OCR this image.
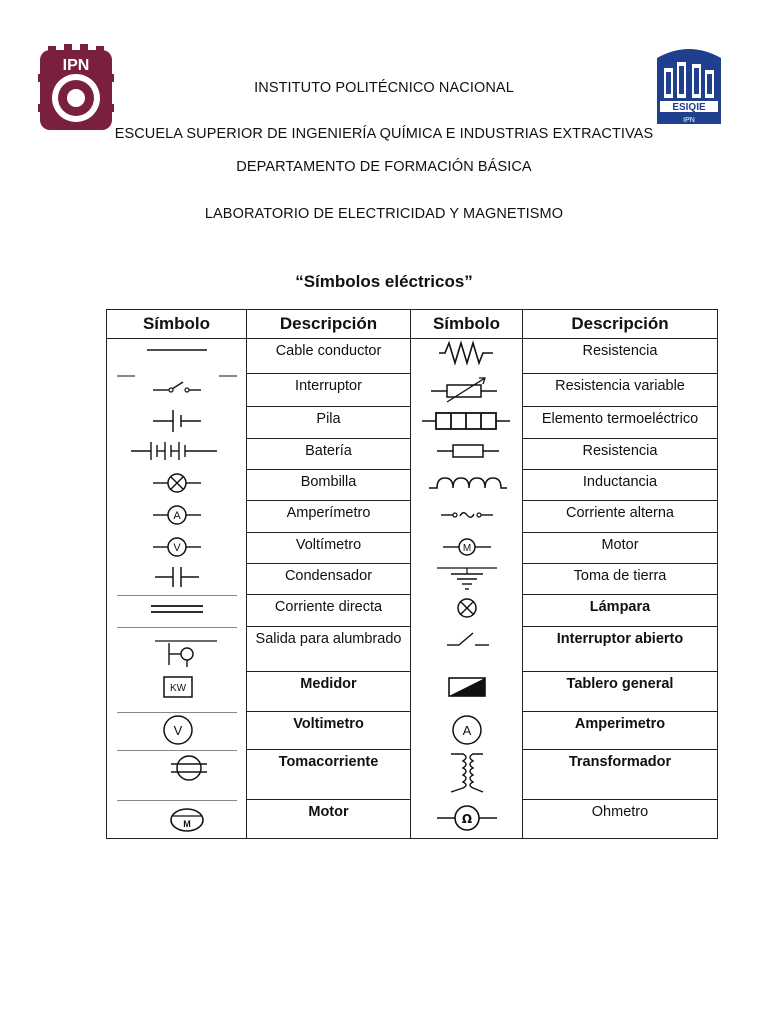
IPN
ESIQIE
IPN
INSTITUTO POLITÉCNICO NACIONAL
ESCUELA SUPERIOR DE INGENIERÍA QUÍMICA E INDUSTRIAS EXTRACTIVAS
DEPARTAMENTO DE FORMACIÓN BÁSICA
LABORATORIO DE ELECTRICIDAD Y MAGNETISMO
“Símbolos eléctricos”
Símbolo	Descripción	Símbolo	Descripción

	Cable conductor		Resistencia

	Interruptor		Resistencia variable

	Pila		Elemento termoeléctrico

	Batería		Resistencia

	Bombilla		Inductancia

A	Amperímetro		Corriente alterna

V	Voltímetro	M	Motor

	Condensador		Toma de tierra

	Corriente directa		Lámpara

	Salida para alumbrado		Interruptor abierto

KW	Medidor		Tablero general

V	Voltimetro	A	Amperimetro

	Tomacorriente		Transformador

M	Motor	Ω	Ohmetro
